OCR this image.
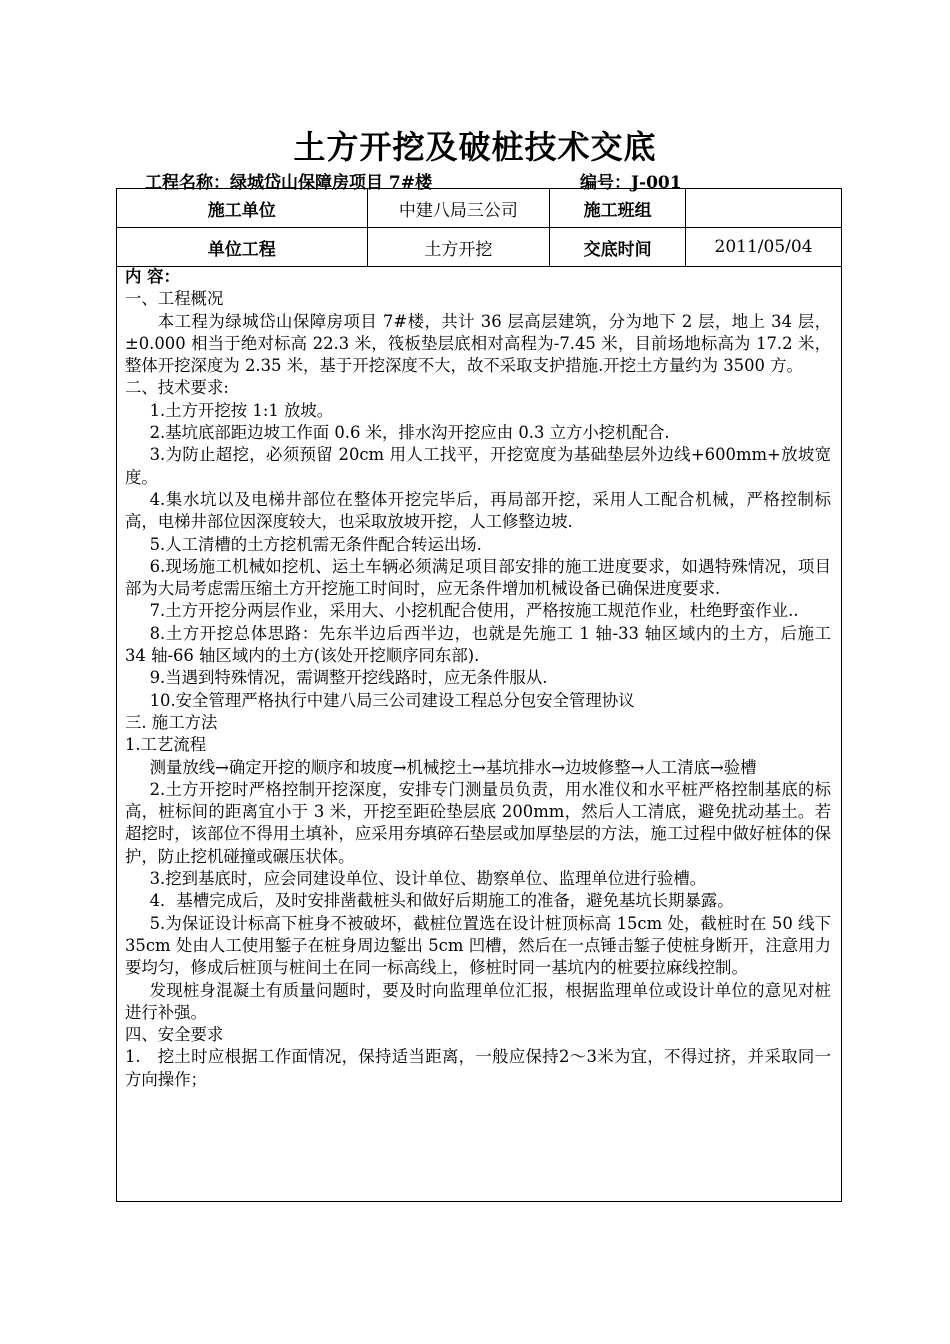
土方开挖及破桩技术交底
工程名称：绿城岱山保障房项目 7#楼	编号：J-001
施工单位	中建八局三公司	施工班组	
单位工程	土方开挖	交底时间	2011/05/04

内 容：

一、工程概况

本工程为绿城岱山保障房项目 7#楼，共计 36 层高层建筑，分为地下 2 层，地上 34 层，±0.000 相当于绝对标高 22.3 米，筏板垫层底相对高程为-7.45 米，目前场地标高为 17.2 米，整体开挖深度为 2.35 米，基于开挖深度不大，故不采取支护措施.开挖土方量约为 3500 方。

二、技术要求:

1.土方开挖按 1:1 放坡。

2.基坑底部距边坡工作面 0.6 米，排水沟开挖应由 0.3 立方小挖机配合.

3.为防止超挖，必须预留 20cm 用人工找平，开挖宽度为基础垫层外边线+600mm+放坡宽度。

4.集水坑以及电梯井部位在整体开挖完毕后，再局部开挖，采用人工配合机械，严格控制标高，电梯井部位因深度较大，也采取放坡开挖，人工修整边坡.

5.人工清槽的土方挖机需无条件配合转运出场.

6.现场施工机械如挖机、运土车辆必须满足项目部安排的施工进度要求，如遇特殊情况，项目部为大局考虑需压缩土方开挖施工时间时，应无条件增加机械设备已确保进度要求.

7.土方开挖分两层作业，采用大、小挖机配合使用，严格按施工规范作业，杜绝野蛮作业..

8.土方开挖总体思路：先东半边后西半边，也就是先施工 1 轴-33 轴区域内的土方，后施工 34 轴-66 轴区域内的土方(该处开挖顺序同东部).

9.当遇到特殊情况，需调整开挖线路时，应无条件服从.

10.安全管理严格执行中建八局三公司建设工程总分包安全管理协议

三. 施工方法

1.工艺流程

测量放线→确定开挖的顺序和坡度→机械挖土→基坑排水→边坡修整→人工清底→验槽

2.土方开挖时严格控制开挖深度，安排专门测量员负责，用水准仪和水平桩严格控制基底的标高，桩标间的距离宜小于 3 米，开挖至距砼垫层底 200mm，然后人工清底，避免扰动基土。若超挖时，该部位不得用土填补，应采用夯填碎石垫层或加厚垫层的方法，施工过程中做好桩体的保护，防止挖机碰撞或碾压状体。

3.挖到基底时，应会同建设单位、设计单位、勘察单位、监理单位进行验槽。

4．基槽完成后，及时安排凿截桩头和做好后期施工的准备，避免基坑长期暴露。

5.为保证设计标高下桩身不被破坏，截桩位置选在设计桩顶标高 15cm 处，截桩时在 50 线下 35cm 处由人工使用錾子在桩身周边錾出 5cm 凹槽，然后在一点锤击錾子使桩身断开，注意用力要均匀，修成后桩顶与桩间土在同一标高线上，修桩时同一基坑内的桩要拉麻线控制。

发现桩身混凝土有质量问题时，要及时向监理单位汇报，根据监理单位或设计单位的意见对桩进行补强。

四、安全要求

1.　挖土时应根据工作面情况，保持适当距离，一般应保持2～3米为宜，不得过挤，并采取同一方向操作；
